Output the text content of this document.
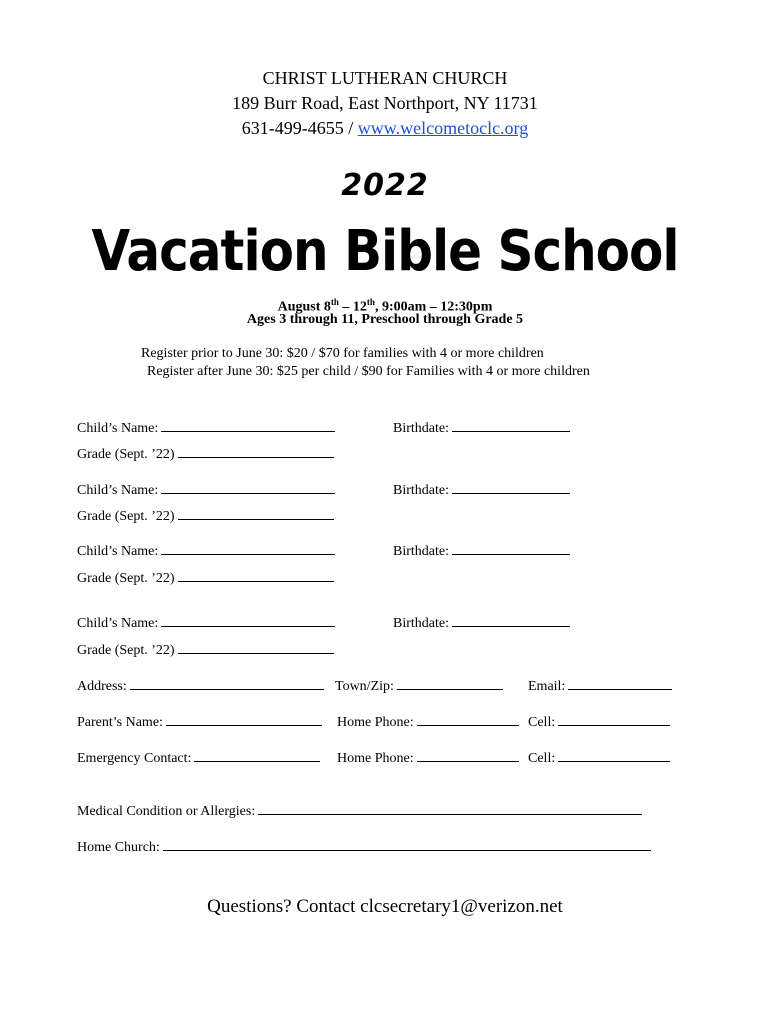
CHRIST LUTHERAN CHURCH
189 Burr Road, East Northport, NY 11731
631-499-4655 / www.welcometoclc.org
2022
Vacation Bible School
August 8th – 12th, 9:00am – 12:30pm
Ages 3 through 11, Preschool through Grade 5
Register prior to June 30: $20 / $70 for families with 4 or more children
Register after June 30: $25 per child / $90 for Families with 4 or more children
Child’s Name:	Birthdate:
Grade (Sept. ’22)
Child’s Name:	Birthdate:
Grade (Sept. ’22)
Child’s Name:	Birthdate:
Grade (Sept. ’22)
Child’s Name:	Birthdate:
Grade (Sept. ’22)
Address:	Town/Zip:	Email:
Parent’s Name:	Home Phone:	Cell:
Emergency Contact:	Home Phone:	Cell:
Medical Condition or Allergies:
Home Church:
Questions? Contact clcsecretary1@verizon.net
